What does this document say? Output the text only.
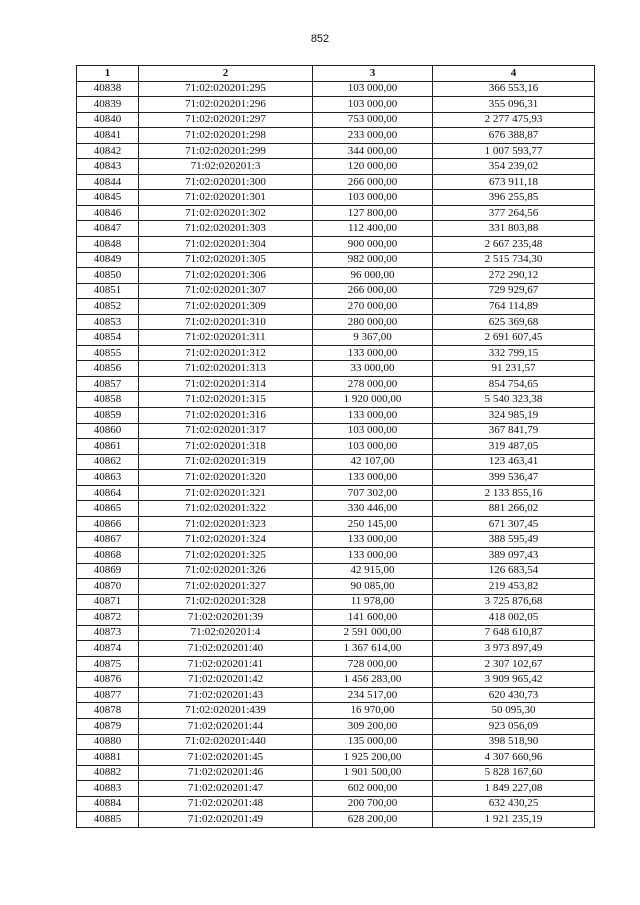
852
1	2	3	4
40838	71:02:020201:295	103 000,00	366 553,16
40839	71:02:020201:296	103 000,00	355 096,31
40840	71:02:020201:297	753 000,00	2 277 475,93
40841	71:02:020201:298	233 000,00	676 388,87
40842	71:02:020201:299	344 000,00	1 007 593,77
40843	71:02:020201:3	120 000,00	354 239,02
40844	71:02:020201:300	266 000,00	673 911,18
40845	71:02:020201:301	103 000,00	396 255,85
40846	71:02:020201:302	127 800,00	377 264,56
40847	71:02:020201:303	112 400,00	331 803,88
40848	71:02:020201:304	900 000,00	2 667 235,48
40849	71:02:020201:305	982 000,00	2 515 734,30
40850	71:02:020201:306	96 000,00	272 290,12
40851	71:02:020201:307	266 000,00	729 929,67
40852	71:02:020201:309	270 000,00	764 114,89
40853	71:02:020201:310	280 000,00	625 369,68
40854	71:02:020201:311	9 367,00	2 691 607,45
40855	71:02:020201:312	133 000,00	332 799,15
40856	71:02:020201:313	33 000,00	91 231,57
40857	71:02:020201:314	278 000,00	854 754,65
40858	71:02:020201:315	1 920 000,00	5 540 323,38
40859	71:02:020201:316	133 000,00	324 985,19
40860	71:02:020201:317	103 000,00	367 841,79
40861	71:02:020201:318	103 000,00	319 487,05
40862	71:02:020201:319	42 107,00	123 463,41
40863	71:02:020201:320	133 000,00	399 536,47
40864	71:02:020201:321	707 302,00	2 133 855,16
40865	71:02:020201:322	330 446,00	881 266,02
40866	71:02:020201:323	250 145,00	671 307,45
40867	71:02:020201:324	133 000,00	388 595,49
40868	71:02:020201:325	133 000,00	389 097,43
40869	71:02:020201:326	42 915,00	126 683,54
40870	71:02:020201:327	90 085,00	219 453,82
40871	71:02:020201:328	11 978,00	3 725 876,68
40872	71:02:020201:39	141 600,00	418 002,05
40873	71:02:020201:4	2 591 000,00	7 648 610,87
40874	71:02:020201:40	1 367 614,00	3 973 897,49
40875	71:02:020201:41	728 000,00	2 307 102,67
40876	71:02:020201:42	1 456 283,00	3 909 965,42
40877	71:02:020201:43	234 517,00	620 430,73
40878	71:02:020201:439	16 970,00	50 095,30
40879	71:02:020201:44	309 200,00	923 056,09
40880	71:02:020201:440	135 000,00	398 518,90
40881	71:02:020201:45	1 925 200,00	4 307 660,96
40882	71:02:020201:46	1 901 500,00	5 828 167,60
40883	71:02:020201:47	602 000,00	1 849 227,08
40884	71:02:020201:48	200 700,00	632 430,25
40885	71:02:020201:49	628 200,00	1 921 235,19
